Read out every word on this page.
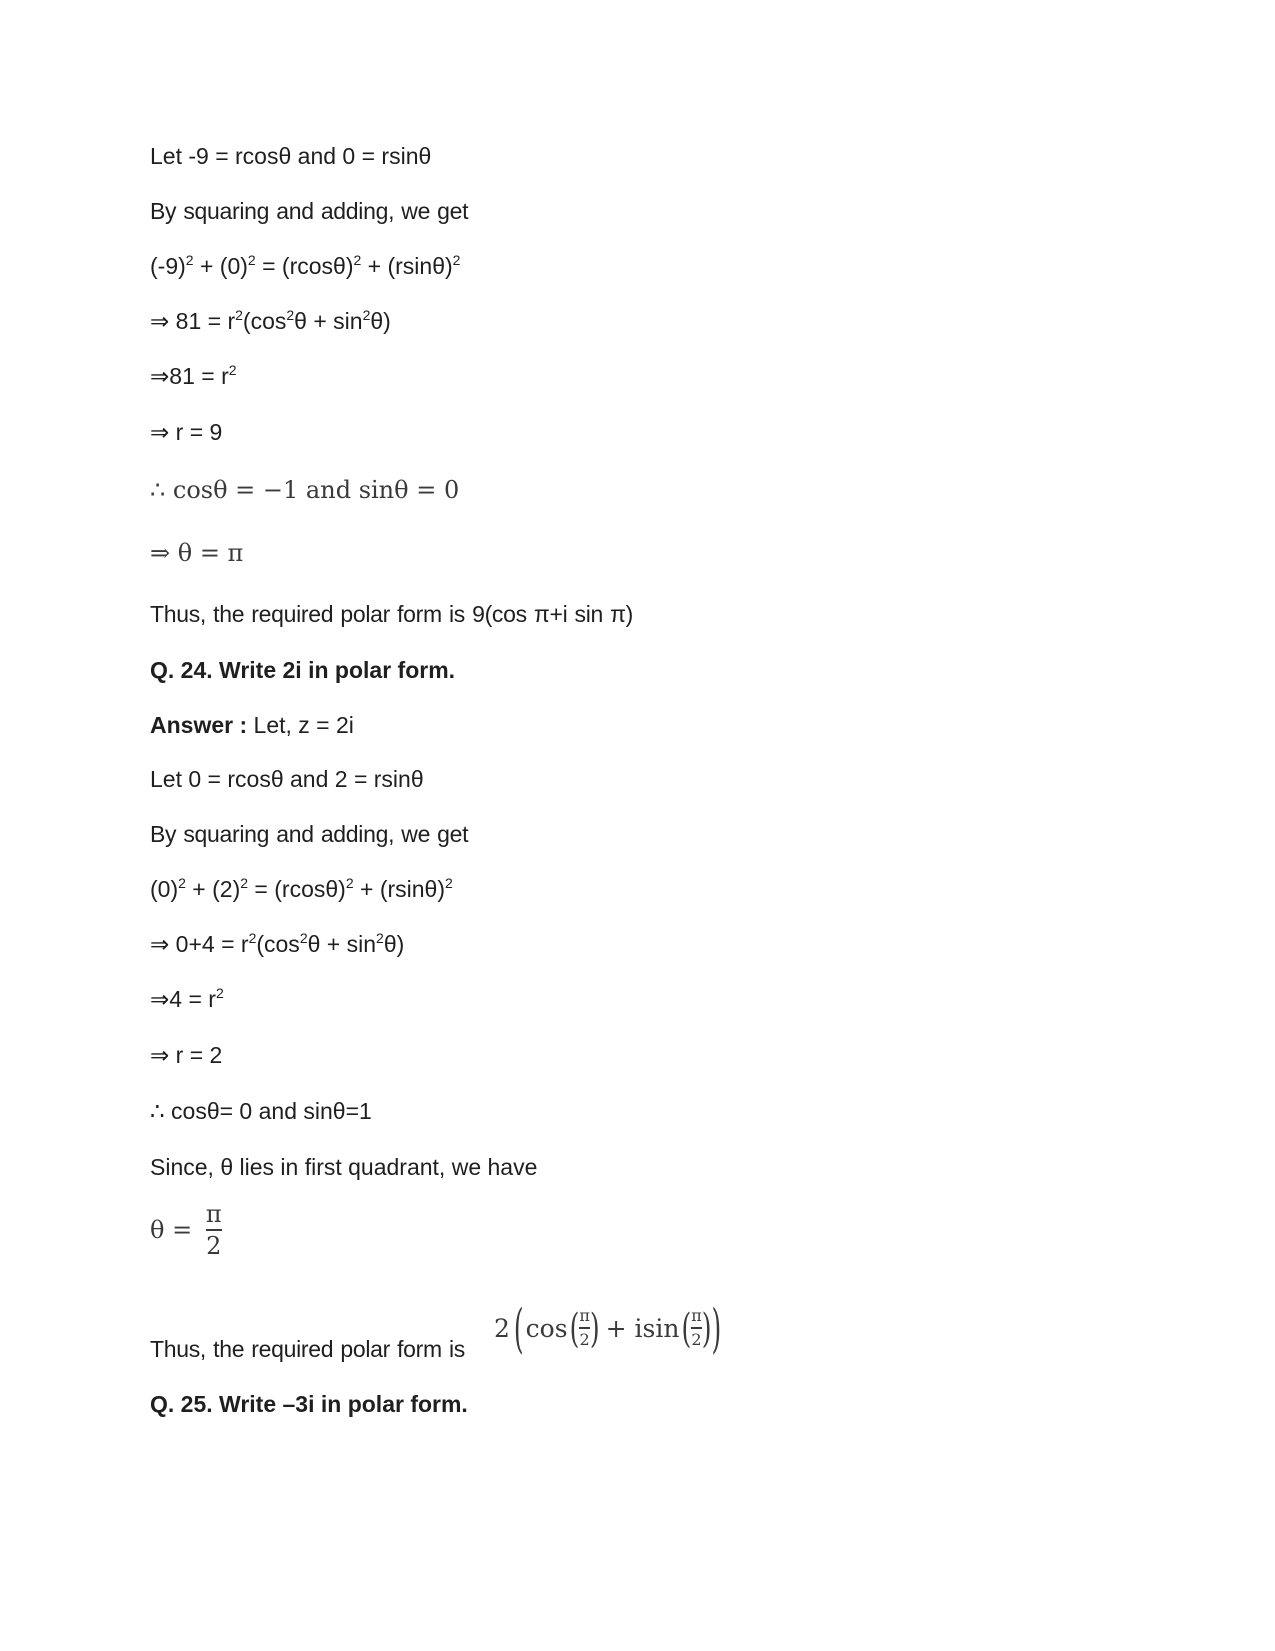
Let -9 = rcosθ and 0 = rsinθ
By squaring and adding, we get
$(-9)^2 + (0)^2 = (rcos\theta)^2 + (rsin\theta)^2$
⇒ $81 = r^2(\cos^2\theta + \sin^2\theta)$
⇒81 = $r^2$
⇒ r = 9
∴ cosθ = −1 and sinθ = 0
⇒ θ = π
Thus, the required polar form is 9(cos π+i sin π)
Q. 24. Write 2i in polar form.
Answer : Let, z = 2i
Let 0 = rcosθ and 2 = rsinθ
By squaring and adding, we get
$(0)^2 + (2)^2 = (rcos\theta)^2 + (rsin\theta)^2$
⇒ $0+4 = r^2(\cos^2\theta + \sin^2\theta)$
⇒4 = $r^2$
⇒ r = 2
∴ cosθ= 0 and sinθ=1
Since, θ lies in first quadrant, we have
$\theta = \frac{\pi}{2}$
Thus, the required polar form is
2 ( cos ( $\frac{\pi}{2}$ ) + isin ( $\frac{\pi}{2}$ ) )
Q. 25. Write –3i in polar form.
